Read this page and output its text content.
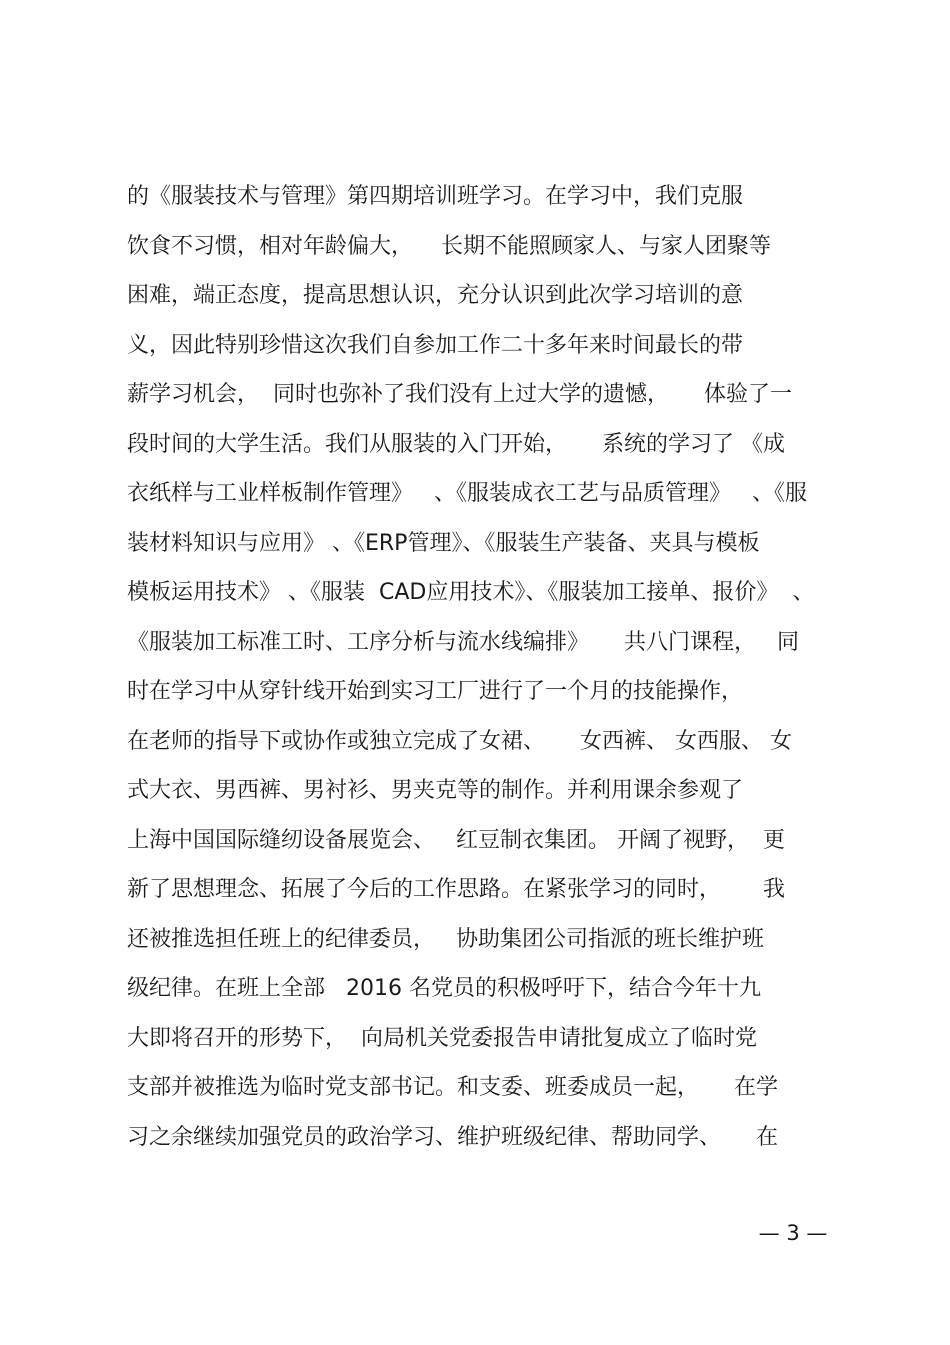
的《服装技术与管理》第四期培训班学习。在学习中，我们克服
饮食不习惯，相对年龄偏大，    长期不能照顾家人、与家人团聚等
困难，端正态度，提高思想认识，充分认识到此次学习培训的意
义，因此特别珍惜这次我们自参加工作二十多年来时间最长的带
薪学习机会，  同时也弥补了我们没有上过大学的遗憾，     体验了一
段时间的大学生活。我们从服装的入门开始，     系统的学习了 《成
衣纸样与工业样板制作管理》   、《服装成衣工艺与品质管理》   、《服
装材料知识与应用》 、《ERP管理》、《服装生产装备、夹具与模板
模板运用技术》 、《服装  CAD应用技术》、《服装加工接单、报价》  、
《服装加工标准工时、工序分析与流水线编排》     共八门课程，   同
时在学习中从穿针线开始到实习工厂进行了一个月的技能操作，
在老师的指导下或协作或独立完成了女裙、     女西裤、 女西服、 女
式大衣、男西裤、男衬衫、男夹克等的制作。并利用课余参观了
上海中国国际缝纫设备展览会、   红豆制衣集团。 开阔了视野，  更
新了思想理念、拓展了今后的工作思路。在紧张学习的同时，      我
还被推选担任班上的纪律委员，   协助集团公司指派的班长维护班
级纪律。在班上全部   2016 名党员的积极呼吁下，结合今年十九
大即将召开的形势下，  向局机关党委报告申请批复成立了临时党
支部并被推选为临时党支部书记。和支委、班委成员一起，     在学
习之余继续加强党员的政治学习、维护班级纪律、帮助同学、     在
— 3 —
